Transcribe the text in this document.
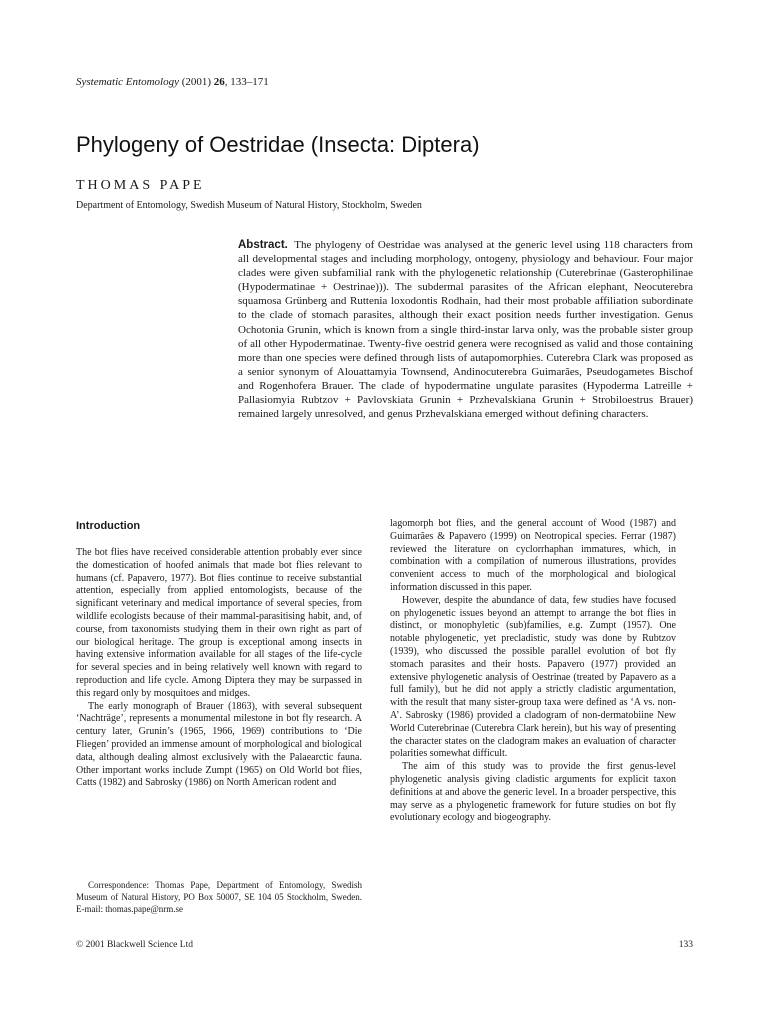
Systematic Entomology (2001) 26, 133–171
Phylogeny of Oestridae (Insecta: Diptera)
THOMAS PAPE
Department of Entomology, Swedish Museum of Natural History, Stockholm, Sweden

Abstract. The phylogeny of Oestridae was analysed at the generic level using 118 characters from all developmental stages and including morphology, ontogeny, physiology and behaviour. Four major clades were given subfamilial rank with the phylogenetic relationship (Cuterebrinae (Gasterophilinae (Hypodermatinae + Oestrinae))). The subdermal parasites of the African elephant, Neocuterebra squamosa Grünberg and Ruttenia loxodontis Rodhain, had their most probable affiliation subordinate to the clade of stomach parasites, although their exact position needs further investigation. Genus Ochotonia Grunin, which is known from a single third-instar larva only, was the probable sister group of all other Hypodermatinae. Twenty-five oestrid genera were recognised as valid and those containing more than one species were defined through lists of autapomorphies. Cuterebra Clark was proposed as a senior synonym of Alouattamyia Townsend, Andinocuterebra Guimarães, Pseudogametes Bischof and Rogenhofera Brauer. The clade of hypodermatine ungulate parasites (Hypoderma Latreille + Pallasiomyia Rubtzov + Pavlovskiata Grunin + Przhevalskiana Grunin + Strobiloestrus Brauer) remained largely unresolved, and genus Przhevalskiana emerged without defining characters.

Introduction

The bot flies have received considerable attention probably ever since the domestication of hoofed animals that made bot flies relevant to humans (cf. Papavero, 1977). Bot flies continue to receive substantial attention, especially from applied entomologists, because of the significant veterinary and medical importance of several species, from wildlife ecologists because of their mammal-parasitising habit, and, of course, from taxonomists studying them in their own right as part of our biological heritage. The group is exceptional among insects in having extensive information available for all stages of the life-cycle for several species and in being relatively well known with regard to reproduction and life cycle. Among Diptera they may be surpassed in this regard only by mosquitoes and midges.

The early monograph of Brauer (1863), with several subsequent ‘Nachträge’, represents a monumental milestone in bot fly research. A century later, Grunin’s (1965, 1966, 1969) contributions to ‘Die Fliegen’ provided an immense amount of morphological and biological data, although dealing almost exclusively with the Palaearctic fauna. Other important works include Zumpt (1965) on Old World bot flies, Catts (1982) and Sabrosky (1986) on North American rodent and

lagomorph bot flies, and the general account of Wood (1987) and Guimarães & Papavero (1999) on Neotropical species. Ferrar (1987) reviewed the literature on cyclorrhaphan immatures, which, in combination with a compilation of numerous illustrations, provides convenient access to much of the morphological and biological information discussed in this paper.

However, despite the abundance of data, few studies have focused on phylogenetic issues beyond an attempt to arrange the bot flies in distinct, or monophyletic (sub)families, e.g. Zumpt (1957). One notable phylogenetic, yet precladistic, study was done by Rubtzov (1939), who discussed the possible parallel evolution of bot fly stomach parasites and their hosts. Papavero (1977) provided an extensive phylogenetic analysis of Oestrinae (treated by Papavero as a full family), but he did not apply a strictly cladistic argumentation, with the result that many sister-group taxa were defined as ‘A vs. non-A’. Sabrosky (1986) provided a cladogram of non-dermatobiine New World Cuterebrinae (Cuterebra Clark herein), but his way of presenting the character states on the cladogram makes an evaluation of character polarities somewhat difficult.

The aim of this study was to provide the first genus-level phylogenetic analysis giving cladistic arguments for explicit taxon definitions at and above the generic level. In a broader perspective, this may serve as a phylogenetic framework for future studies on bot fly evolutionary ecology and biogeography.

Correspondence: Thomas Pape, Department of Entomology, Swedish Museum of Natural History, PO Box 50007, SE 104 05 Stockholm, Sweden. E-mail: thomas.pape@nrm.se

© 2001 Blackwell Science Ltd	133
